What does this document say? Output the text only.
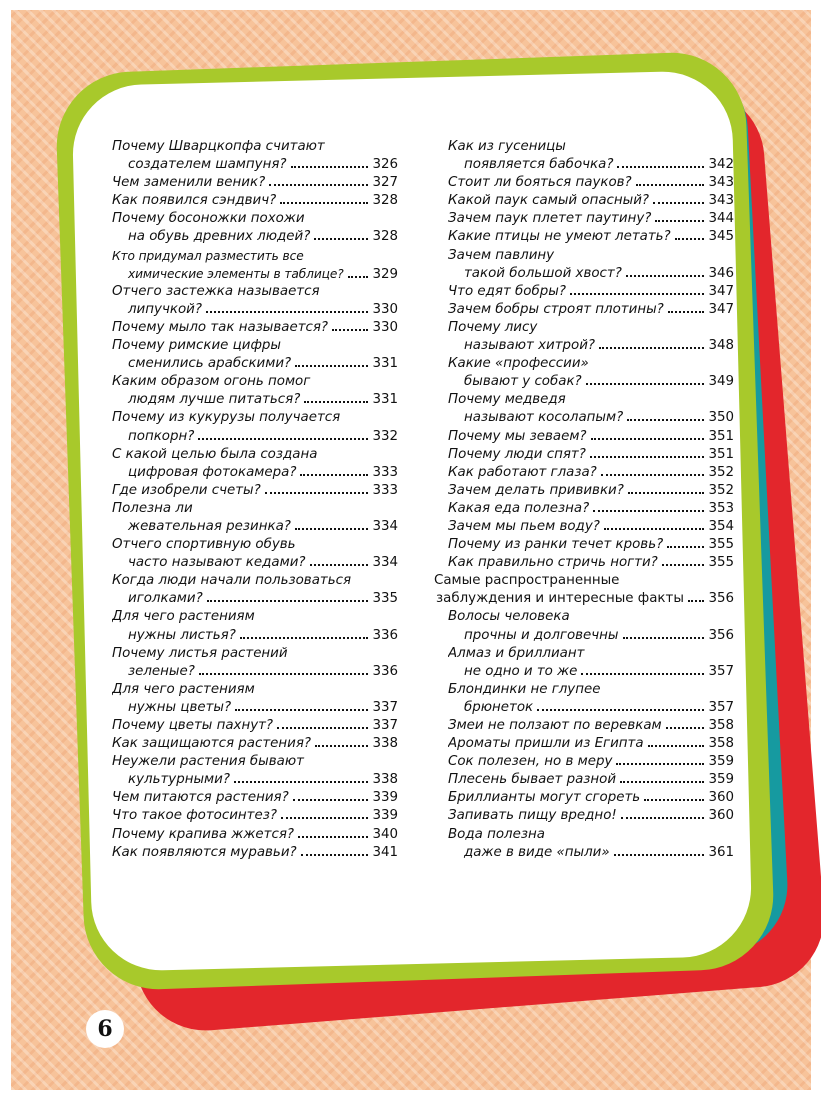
Почему Шварцкопфа считают
создателем шампуня?	326
Чем заменили веник?	327
Как появился сэндвич?	328
Почему босоножки похожи
на обувь древних людей?	328
Кто придумал разместить все
химические элементы в таблице? 329
Отчего застежка называется
липучкой?	330
Почему мыло так называется?	330
Почему римские цифры
сменились арабскими?	331
Каким образом огонь помог
людям лучше питаться?	331
Почему из кукурузы получается
попкорн?	332
С какой целью была создана
цифровая фотокамера?	333
Где изобрели счеты?	333
Полезна ли
жевательная резинка?	334
Отчего спортивную обувь
часто называют кедами?	334
Когда люди начали пользоваться
иголками?	335
Для чего растениям
нужны листья?	336
Почему листья растений
зеленые?	336
Для чего растениям
нужны цветы?	337
Почему цветы пахнут?	337
Как защищаются растения?	338
Неужели растения бывают
культурными?	338
Чем питаются растения?	339
Что такое фотосинтез?	339
Почему крапива жжется?	340
Как появляются муравьи?	341
Как из гусеницы
появляется бабочка?	342
Стоит ли бояться пауков?	343
Какой паук самый опасный?	343
Зачем паук плетет паутину?	344
Какие птицы не умеют летать?	345
Зачем павлину
такой большой хвост?	346
Что едят бобры?	347
Зачем бобры строят плотины?	347
Почему лису
называют хитрой?	348
Какие «профессии»
бывают у собак?	349
Почему медведя
называют косолапым?	350
Почему мы зеваем?	351
Почему люди спят?	351
Как работают глаза?	352
Зачем делать прививки?	352
Какая еда полезна?	353
Зачем мы пьем воду?	354
Почему из ранки течет кровь?	355
Как правильно стричь ногти?	355
Самые распространенные
заблуждения и интересные факты 356
Волосы человека
прочны и долговечны	356
Алмаз и бриллиант
не одно и то же	357
Блондинки не глупее
брюнеток	357
Змеи не ползают по веревкам	358
Ароматы пришли из Египта	358
Сок полезен, но в меру	359
Плесень бывает разной	359
Бриллианты могут сгореть	360
Запивать пищу вредно!	360
Вода полезна
даже в виде «пыли»	361
6
